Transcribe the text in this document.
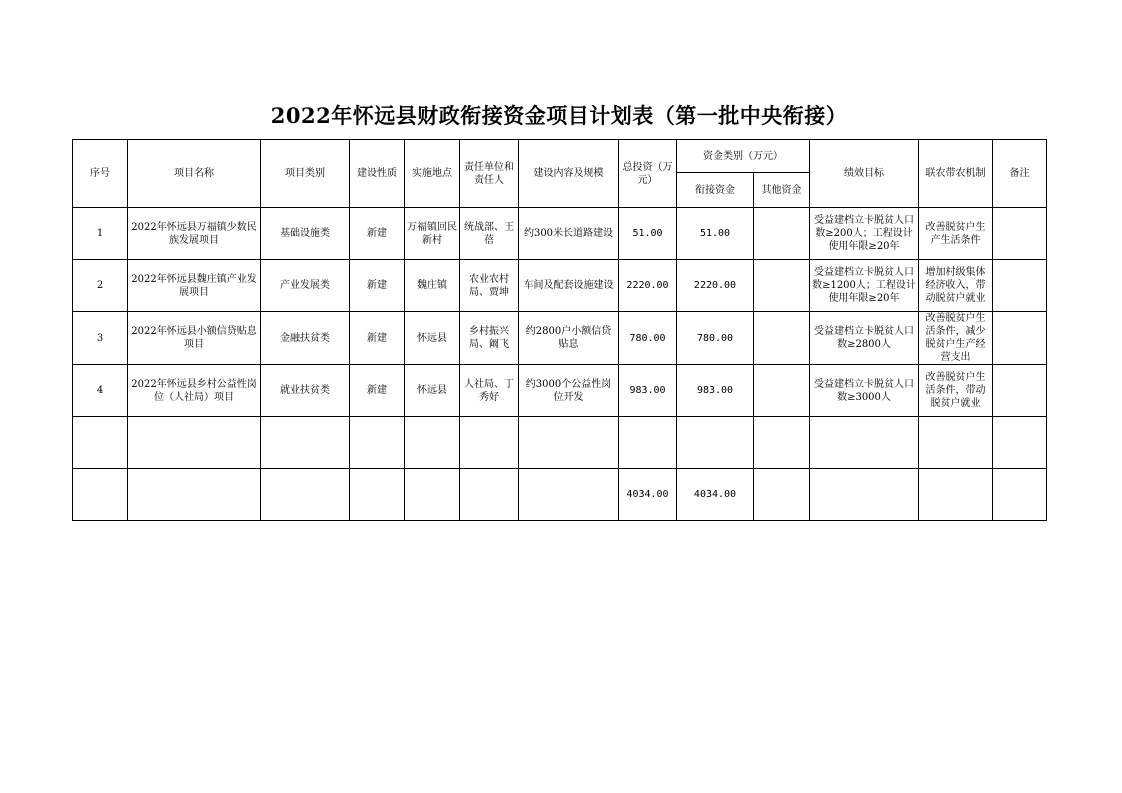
2022年怀远县财政衔接资金项目计划表（第一批中央衔接）
序号	项目名称	项目类别	建设性质	实施地点	责任单位和责任人	建设内容及规模	总投资（万元）	资金类别（万元）		绩效目标	联农带农机制	备注
								衔接资金	其他资金			
1	2022年怀远县万福镇少数民族发展项目	基础设施类	新建	万福镇回民新村	统战部、王蓓	约300米长道路建设	51.00	51.00		受益建档立卡脱贫人口数≥200人；工程设计使用年限≥20年	改善脱贫户生产生活条件	
2	2022年怀远县魏庄镇产业发展项目	产业发展类	新建	魏庄镇	农业农村局、贾坤	车间及配套设施建设	2220.00	2220.00		受益建档立卡脱贫人口数≥1200人；工程设计使用年限≥20年	增加村级集体经济收入，带动脱贫户就业	
3	2022年怀远县小额信贷贴息项目	金融扶贫类	新建	怀远县	乡村振兴局、阚飞	约2800户小额信贷贴息	780.00	780.00		受益建档立卡脱贫人口数≥2800人	改善脱贫户生活条件，减少脱贫户生产经营支出	
4	2022年怀远县乡村公益性岗位（人社局）项目	就业扶贫类	新建	怀远县	人社局、丁秀好	约3000个公益性岗位开发	983.00	983.00		受益建档立卡脱贫人口数≥3000人	改善脱贫户生活条件，带动脱贫户就业	

							4034.00	4034.00				
